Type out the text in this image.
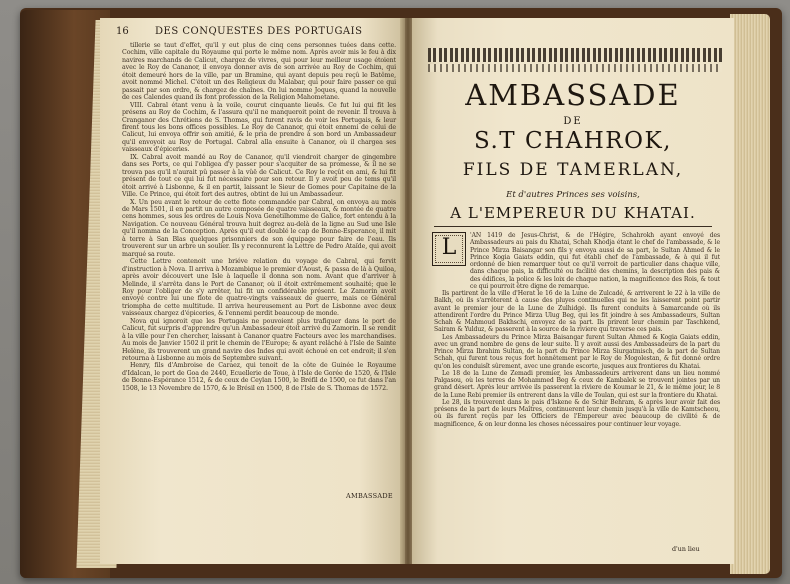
16	DES CONQUESTES DES PORTUGAIS

tillerie se taut d'effet, qu'il y eut plus de cinq cens personnes tuées dans cette. Cochim, ville capitale du Royaume qui porte le même nom. Après avoir mis le feu à dix navires marchands de Calicut, chargez de vivres, qui pour leur meilleur usage étoient avec le Roy de Cananor, il envoya donner avis de son arrivée au Roy de Cochim, qui étoit demeuré hors de la ville, par un Bramine, qui ayant depuis peu reçû le Batême, avoit nommé Michel. C'étoit un des Religieux du Malabar, qui pour faire passer ce qui passait par son ordre, & chargez de chaînes. On lui nomme Joques, quand la nouvelle de ces Calendes quand ils font profession de la Religion Mahometane.

VIII. Cabral étant venu à la voile, courut cinquante lieuës. Ce fut lui qui fit les présens au Roy de Cochim, & l'assura qu'il ne manqueroit point de revenir. Il trouva à Cranganor des Chrétiens de S. Thomas, qui furent ravis de voir les Portugais, & leur firent tous les bons offices possibles. Le Roy de Cananor, qui étoit ennemi de celui de Calicut, lui envoya offrir son amitié, & le pria de prendre à son bord un Ambassadeur qu'il envoyoit au Roy de Portugal. Cabral alla ensuite à Cananor, où il chargea ses vaisseaux d'épiceries.

IX. Cabral avoit mandé au Roy de Cananor, qu'il viendroit charger de gingembre dans ses Ports, ce qui l'obligea d'y passer pour s'acquiter de sa promesse, & il ne se trouva pas qu'il n'aurait pû passer à la vûë de Calicut. Ce Roy le reçût en ami, & lui fit présent de tout ce qui lui fut nécessaire pour son retour. Il y avoit peu de tems qu'il étoit arrivé à Lisbonne, & il en partit, laissant le Sieur de Gomes pour Capitaine de la Ville. Ce Prince, qui étoit fort des autres, obtint de lui un Ambassadeur.

X. Un peu avant le retour de cette flote commandée par Cabral, on envoya au mois de Mars 1501, il en partit un autre composée de quatre vaisseaux, & montée de quatre cens hommes, sous les ordres de Louis Nova Genetilhomme de Galice, fort entendu à la Navigation. Ce nouveau Général trouva huit degrez au-delà de la ligne au Sud une Isle qu'il nomma de la Conception. Après qu'il eut doublé le cap de Bonne-Esperance, il mit à terre à San Blas quelques prisonniers de son équipage pour faire de l'eau. Ils trouverent sur un arbre un soulier. Ils y reconnurent la Lettre de Pedro Ataïde, qui avoit marqué sa route.

Cette Lettre contenoit une briéve relation du voyage de Cabral, qui fervit d'instruction à Nova. Il arriva à Mozambique le premier d'Aoust, & passa de là à Quiloa, après avoir découvert une Isle à laquelle il donna son nom. Avant que d'arriver à Melinde, il s'arrêta dans le Port de Cananor, où il étoit extrêmement souhaité; que le Roy pour l'obliger de s'y arrêter, lui fit un confidérable présent. Le Zamorin avoit envoyé contre lui une flote de quatre-vingts vaisseaux de guerre, mais ce Général triompha de cette multitude. Il arriva heureusement au Port de Lisbonne avec deux vaisseaux chargez d'épiceries, & l'ennemi perdit beaucoup de monde.

Nova qui ignoroit que les Portugais ne pouvoient plus trafiquer dans le port de Calicut, fut surpris d'apprendre qu'un Ambassadeur étoit arrivé du Zamorin. Il se rendit à la ville pour l'en chercher, laissant à Cananor quatre Facteurs avec les marchandises. Au mois de Janvier 1502 il prit le chemin de l'Europe; & ayant relâché à l'Isle de Sainte Helène, ils trouverent un grand navire des Indes qui avoit échoué en cet endroit; il s'en retourna à Lisbonne au mois de Septembre suivant.

Henry, fils d'Ambroise de Caraez, qui tenoit de la côte de Guinée le Royaume d'Idalcan, le port de Goa de 2440, Ecuellerie de Toue, à l'Isle de Gorée de 1520, & l'Isle de Bonne-Espérance 1512, & de ceux de Ceylan 1500, le Bréfil de 1500, ce fut dans l'an 1508, le 13 Novembre de 1570, & le Brésil en 1500, 8 de l'Isle de S. Thomas de 1572.

AMBASSADE
AMBASSADE
DE
S.T CHAHROK,
FILS DE TAMERLAN,
Et d'autres Princes ses voisins,
A L'EMPEREUR DU KHATAI.
L	'AN 1419 de Jesus-Christ, & de l'Hégire, Schahrokh ayant envoyé des Ambassadeurs au pais du Khatai, Schah Khodja étant le chef de l'ambassade, & le Prince Mirza Baisangar son fils y envoya aussi de sa part, le Sultan Ahmed & le Prince Kogia Gaiats eddin, qui fut établi chef de l'ambassade, & à qui il fut ordonné de bien remarquer tout ce qu'il verroit de particulier dans chaque ville, dans chaque pais, la difficulté ou facilité des chemins, la description des pais & des édifices, la police & les loix de chaque nation, la magnificence des Rois, & tout ce qui pourroit être digne de remarque.

Ils partirent de la ville d'Herat le 16 de la Lune de Zulcadé, & arriverent le 22 à la ville de Balkh, où ils s'arrêterent à cause des pluyes continuelles qui ne les laisserent point partir avant le premier jour de la Lune de Zulhidgé. Ils furent conduits à Samarcande où ils attendirent l'ordre du Prince Mirza Ulug Beg, qui les fit joindre à ses Ambassadeurs, Sultan Schah & Mahmoud Bakhschi, envoyez de sa part. Ils prirent leur chemin par Taschkend, Sairam & Yulduz, & passerent à la source de la riviere qui traverse ces pais.

Les Ambassadeurs du Prince Mirza Baisangar furent Sultan Ahmed & Kogia Gaiats eddin, avec un grand nombre de gens de leur suite. Il y avoit aussi des Ambassadeurs de la part du Prince Mirza Ibrahim Sultan, de la part du Prince Mirza Siurgatmisch, de la part de Sultan Schah, qui furent tous reçus fort honnêtement par le Roy de Mogolestan, & fut donné ordre qu'on les conduisît sûrement, avec une grande escorte, jusques aux frontieres du Khatai.

Le 18 de la Lune de Zemadi premier, les Ambassadeurs arriverent dans un lieu nommé Palgasou, où les terres de Mohammed Beg & ceux de Kambalek se trouvent jointes par un grand désert. Après leur arrivée ils passerent la riviere de Koumar le 21, & le même jour, le 8 de la Lune Rebi premier ils entrerent dans la ville de Toulan, qui est sur la frontiere du Khatai.

Le 28, ils trouverent dans le pais d'Iskene & de Schir Behram, & après leur avoir fait des présens de la part de leurs Maîtres, continuerent leur chemin jusqu'à la ville de Kamtscheou, où ils furent reçûs par les Officiers de l'Empereur avec beaucoup de civilité & de magnificence, & on leur donna les choses nécessaires pour continuer leur voyage.

d'un lieu
